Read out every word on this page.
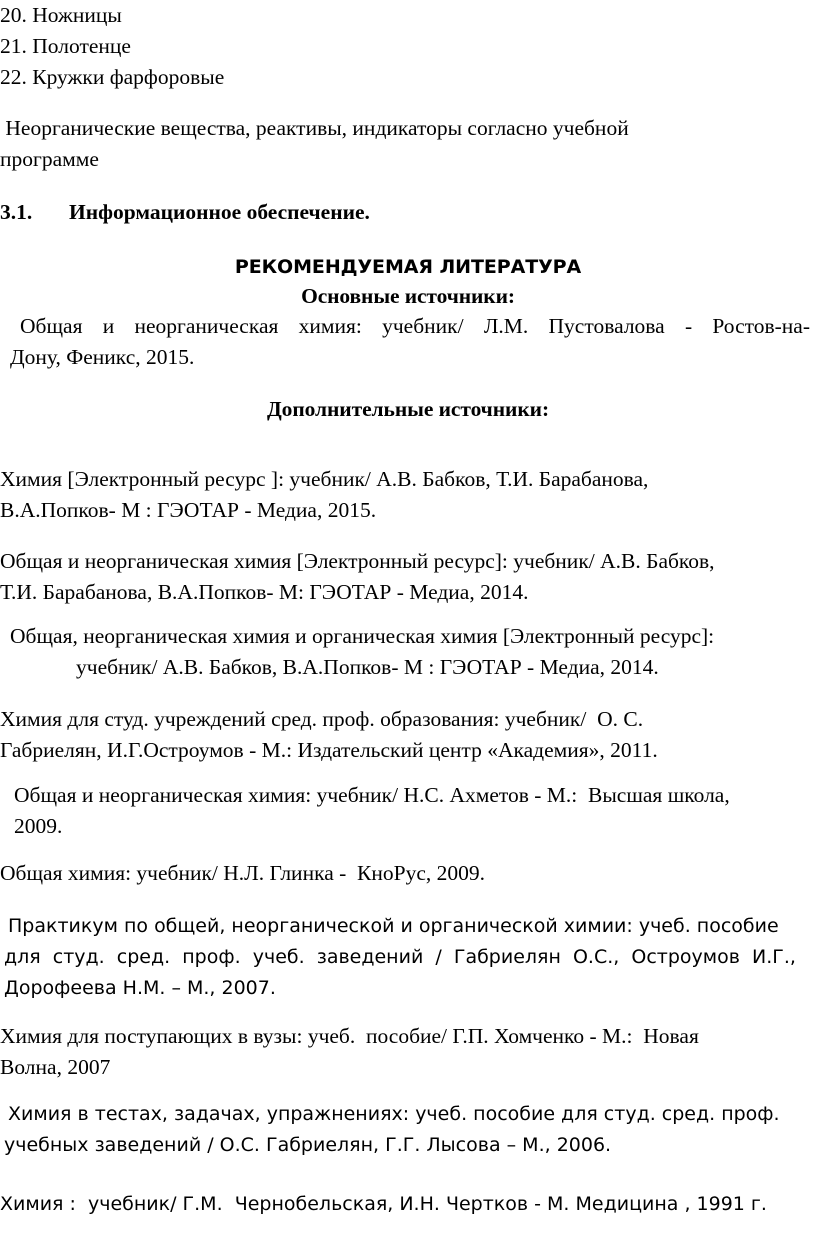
20. Ножницы
21. Полотенце
22. Кружки фарфоровые
Неорганические вещества, реактивы, индикаторы согласно учебной
программе
3.1. Информационное обеспечение.
РЕКОМЕНДУЕМАЯ ЛИТЕРАТУРА
Основные источники:
Общая и неорганическая химия: учебник/ Л.М. Пустовалова - Ростов-на-
Дону, Феникс, 2015.
Дополнительные источники:
Химия [Электронный ресурс ]: учебник/ А.В. Бабков, Т.И. Барабанова,
В.А.Попков- М : ГЭОТАР - Медиа, 2015.
Общая и неорганическая химия [Электронный ресурс]: учебник/ А.В. Бабков,
Т.И. Барабанова, В.А.Попков- М: ГЭОТАР - Медиа, 2014.
Общая, неорганическая химия и органическая химия [Электронный ресурс]:
учебник/ А.В. Бабков, В.А.Попков- М : ГЭОТАР - Медиа, 2014.
Химия для студ. учреждений сред. проф. образования: учебник/  О. С.
Габриелян, И.Г.Остроумов - М.: Издательский центр «Академия», 2011.
Общая и неорганическая химия: учебник/ Н.С. Ахметов - М.:  Высшая школа,
2009.
Общая химия: учебник/ Н.Л. Глинка -  КноРус, 2009.
Практикум по общей, неорганической и органической химии: учеб. пособие
для  студ.  сред.  проф.  учеб.  заведений  /  Габриелян  О.С.,  Остроумов  И.Г.,
Дорофеева Н.М. – М., 2007.
Химия для поступающих в вузы: учеб.  пособие/ Г.П. Хомченко - М.:  Новая
Волна, 2007
Химия в тестах, задачах, упражнениях: учеб. пособие для студ. сред. проф.
учебных заведений / О.С. Габриелян, Г.Г. Лысова – М., 2006.
Химия :  учебник/ Г.М.  Чернобельская, И.Н. Чертков - М. Медицина , 1991 г.
